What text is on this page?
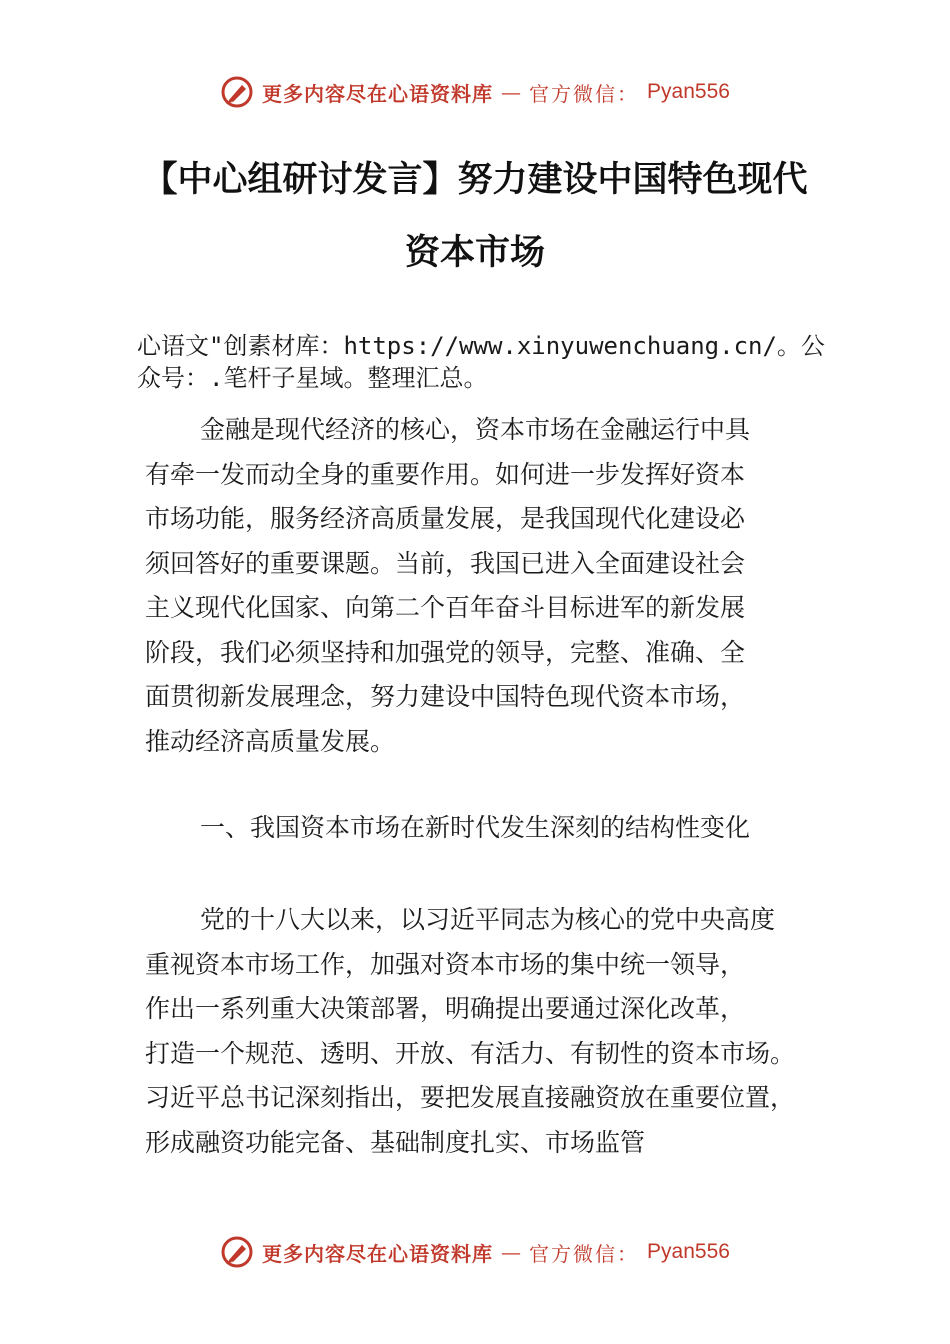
更多内容尽在心语资料库 — 官方微信： Pyan556
【中心组研讨发言】努力建设中国特色现代
资本市场

心语文"创素材库：https://www.xinyuwenchuang.cn/。公
众号：.笔杆子星域。整理汇总。

金融是现代经济的核心，资本市场在金融运行中具
有牵一发而动全身的重要作用。如何进一步发挥好资本
市场功能，服务经济高质量发展，是我国现代化建设必
须回答好的重要课题。当前，我国已进入全面建设社会
主义现代化国家、向第二个百年奋斗目标进军的新发展
阶段，我们必须坚持和加强党的领导，完整、准确、全
面贯彻新发展理念，努力建设中国特色现代资本市场，
推动经济高质量发展。
一、我国资本市场在新时代发生深刻的结构性变化
党的十八大以来，以习近平同志为核心的党中央高度
重视资本市场工作，加强对资本市场的集中统一领导，
作出一系列重大决策部署，明确提出要通过深化改革，
打造一个规范、透明、开放、有活力、有韧性的资本市场。
习近平总书记深刻指出，要把发展直接融资放在重要位置，
形成融资功能完备、基础制度扎实、市场监管
更多内容尽在心语资料库 — 官方微信： Pyan556
